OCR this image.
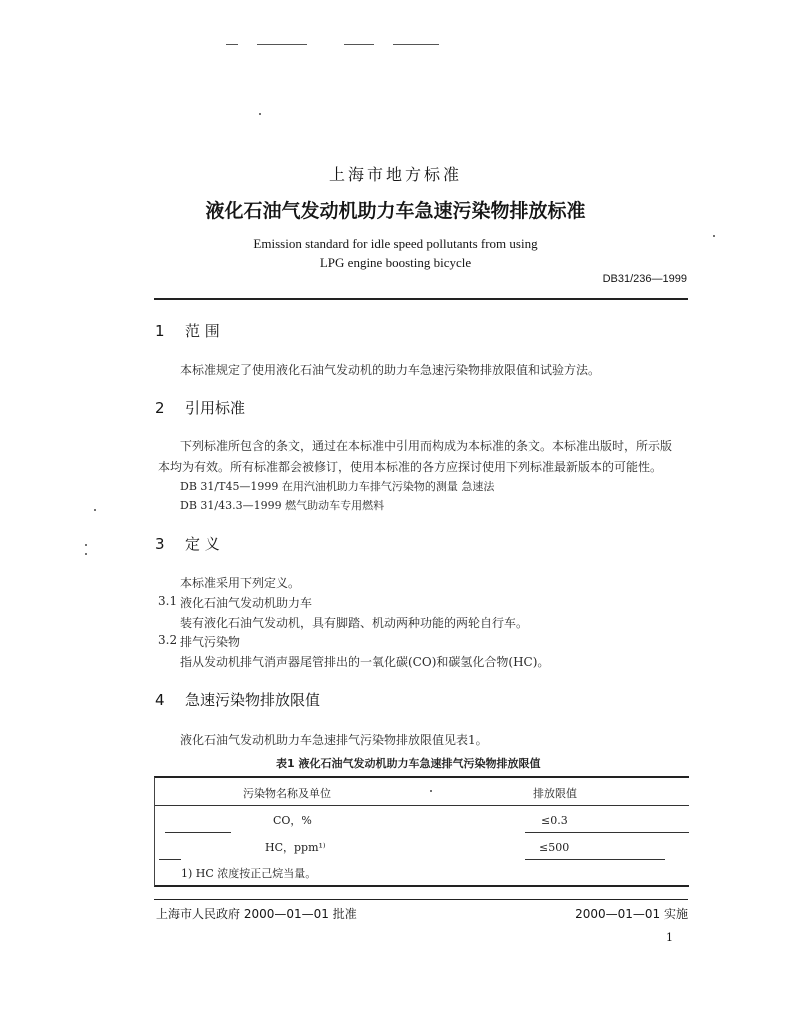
上海市地方标准
液化石油气发动机助力车急速污染物排放标准
Emission standard for idle speed pollutants from using
LPG engine boosting bicycle
DB31/236—1999
1 范 围
本标准规定了使用液化石油气发动机的助力车急速污染物排放限值和试验方法。
2 引用标准
下列标准所包含的条文，通过在本标准中引用而构成为本标准的条文。本标准出版时，所示版
本均为有效。所有标准都会被修订，使用本标准的各方应探讨使用下列标准最新版本的可能性。
DB 31/T45—1999 在用汽油机助力车排气污染物的测量 急速法
DB 31/43.3—1999 燃气助动车专用燃料
3 定 义
本标准采用下列定义。
3.1 液化石油气发动机助力车
装有液化石油气发动机，具有脚踏、机动两种功能的两轮自行车。
3.2 排气污染物
指从发动机排气消声器尾管排出的一氧化碳(CO)和碳氢化合物(HC)。
4 急速污染物排放限值
液化石油气发动机助力车急速排气污染物排放限值见表1。
表1 液化石油气发动机助力车急速排气污染物排放限值
污染物名称及单位	排放限值
CO，%	≤0.3
HC，ppm¹⁾	≤500
1) HC 浓度按正己烷当量。
上海市人民政府 2000—01—01 批准	2000—01—01 实施
1
